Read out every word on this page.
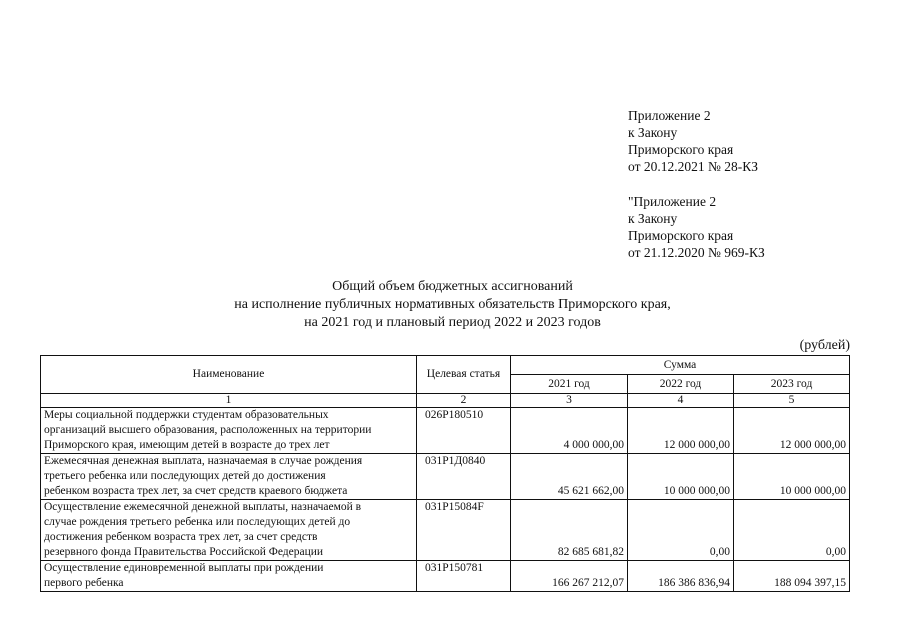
Приложение 2
к Закону
Приморского края
от 20.12.2021 № 28-КЗ
"Приложение 2
к Закону
Приморского края
от 21.12.2020 № 969-КЗ
Общий объем бюджетных ассигнований
на исполнение публичных нормативных обязательств Приморского края,
на 2021 год и плановый период 2022 и 2023 годов
(рублей)
Наименование	Целевая статья	Сумма		
		2021 год	2022 год	2023 год
1	2	3	4	5

Меры социальной поддержки студентам образовательных
организаций высшего образования, расположенных на территории
Приморского края, имеющим детей в возрасте до трех лет	026P180510	4 000 000,00	12 000 000,00	12 000 000,00

Ежемесячная денежная выплата, назначаемая в случае рождения
третьего ребенка или последующих детей до достижения
ребенком возраста трех лет, за счет средств краевого бюджета	031P1Д0840	45 621 662,00	10 000 000,00	10 000 000,00

Осуществление ежемесячной денежной выплаты, назначаемой в
случае рождения третьего ребенка или последующих детей до
достижения ребенком возраста трех лет, за счет средств
резервного фонда Правительства Российской Федерации	031P15084F	82 685 681,82	0,00	0,00

Осуществление единовременной выплаты при рождении
первого ребенка	031P150781	166 267 212,07	186 386 836,94	188 094 397,15
